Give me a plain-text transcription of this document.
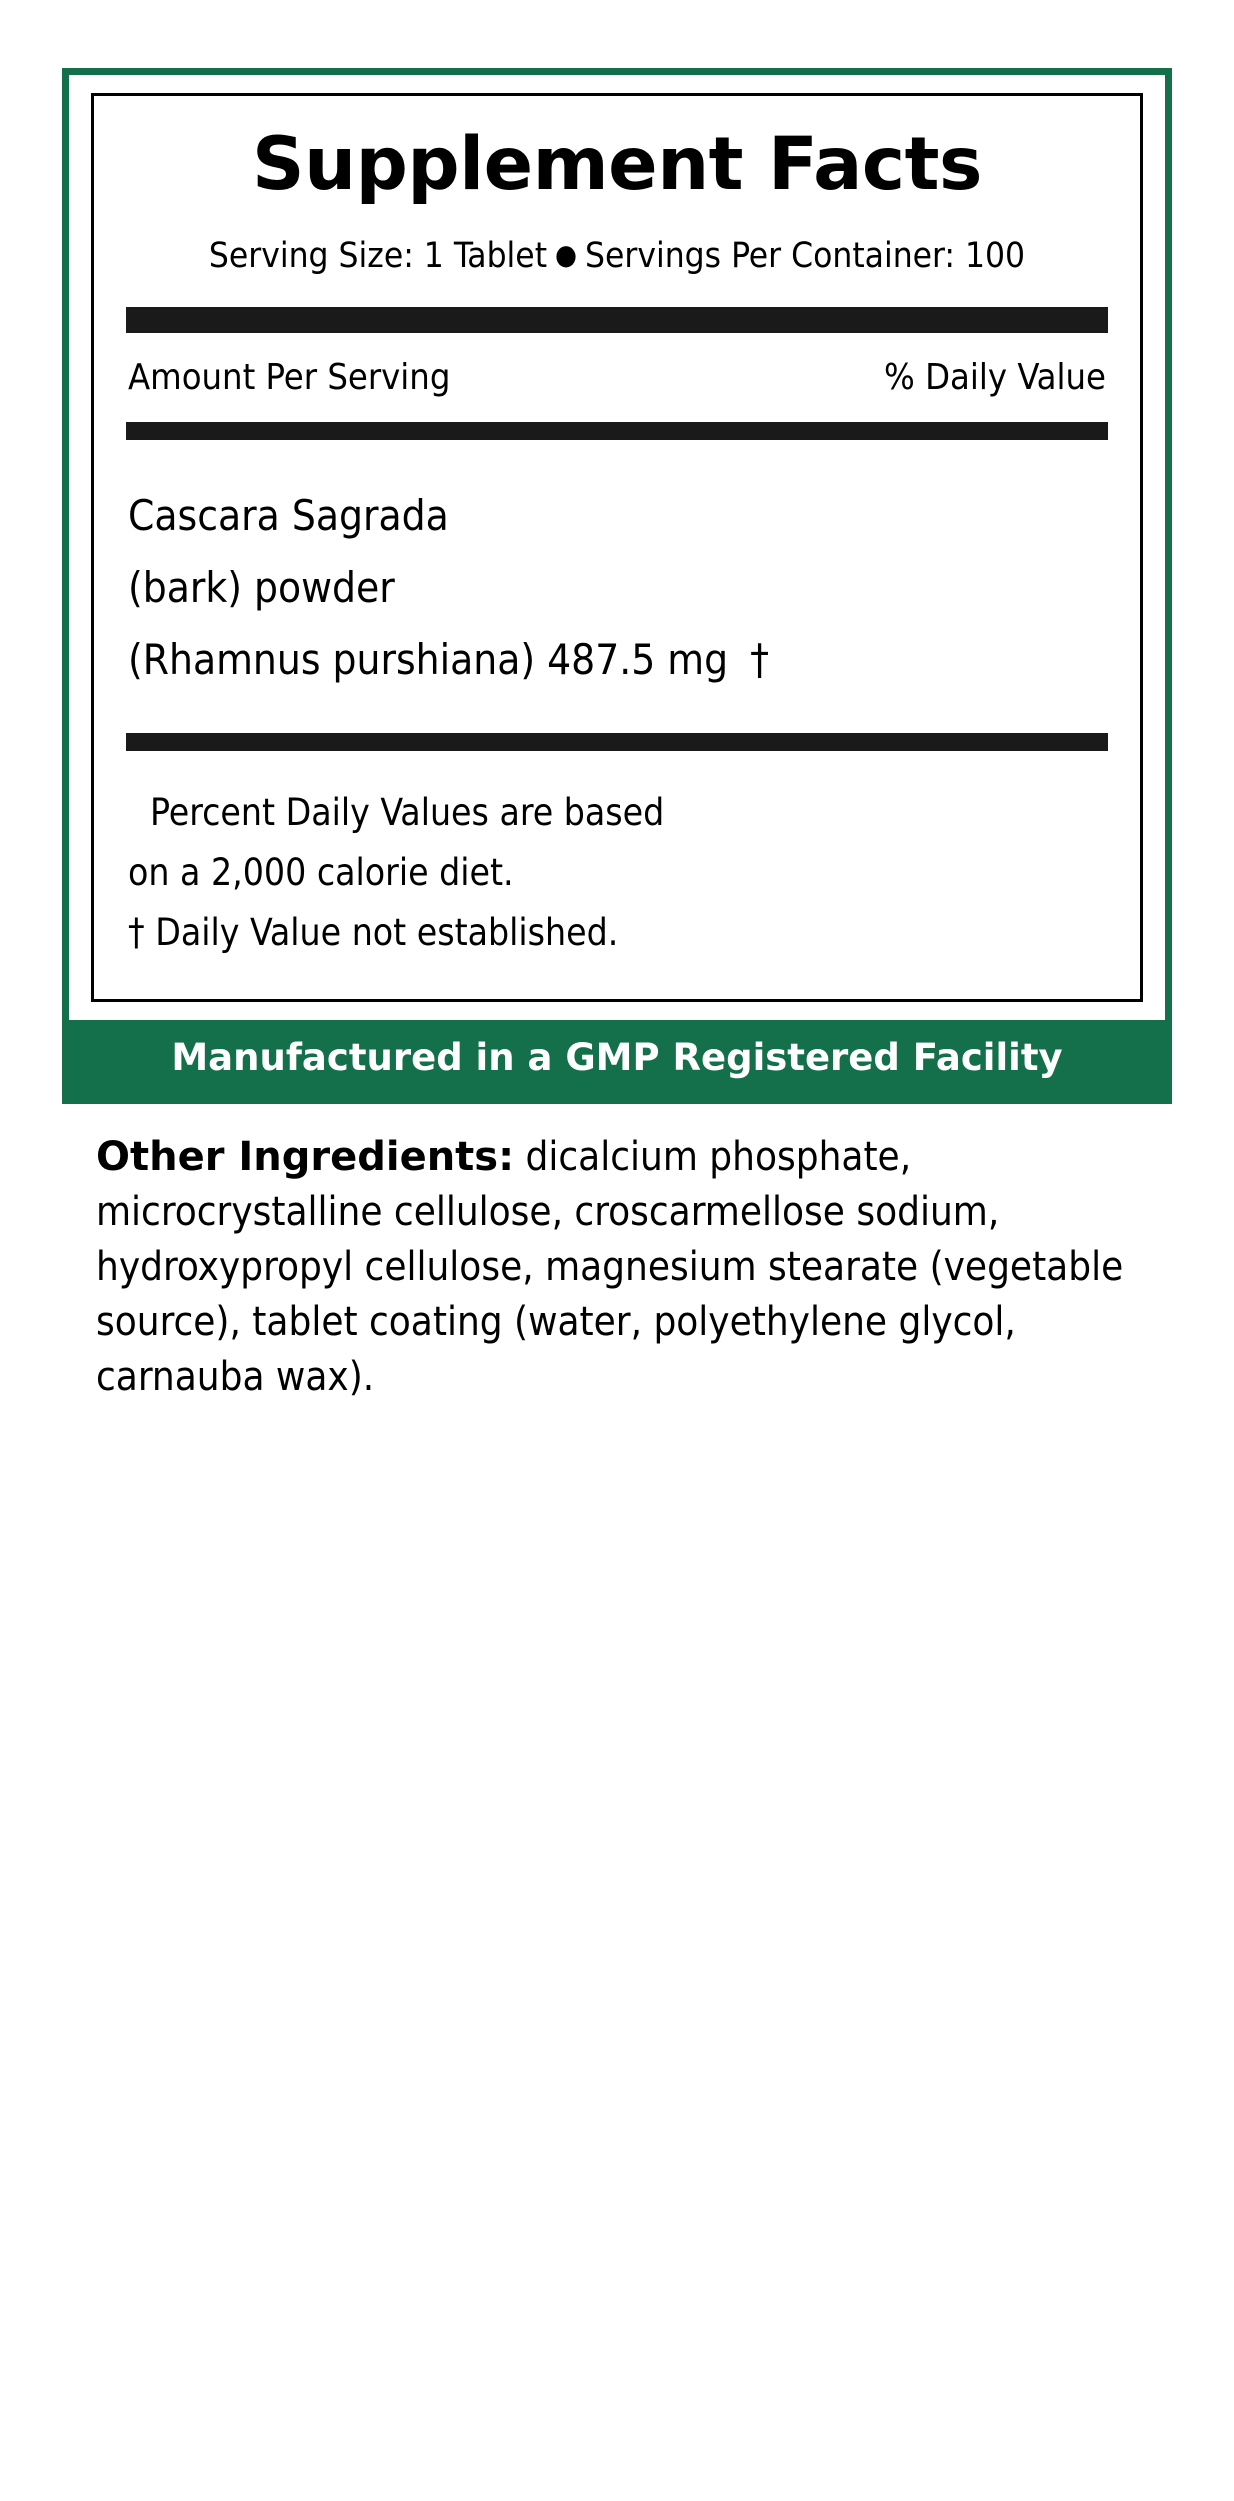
Supplement Facts
Serving Size: 1 Tablet ● Servings Per Container: 100
Amount Per Serving	% Daily Value
Cascara Sagrada
(bark) powder
(Rhamnus purshiana) 487.5 mg †
Percent Daily Values are based
on a 2,000 calorie diet.
† Daily Value not established.
Manufactured in a GMP Registered Facility
Other Ingredients: dicalcium phosphate, microcrystalline cellulose, croscarmellose sodium, hydroxypropyl cellulose, magnesium stearate (vegetable source), tablet coating (water, polyethylene glycol, carnauba wax).
